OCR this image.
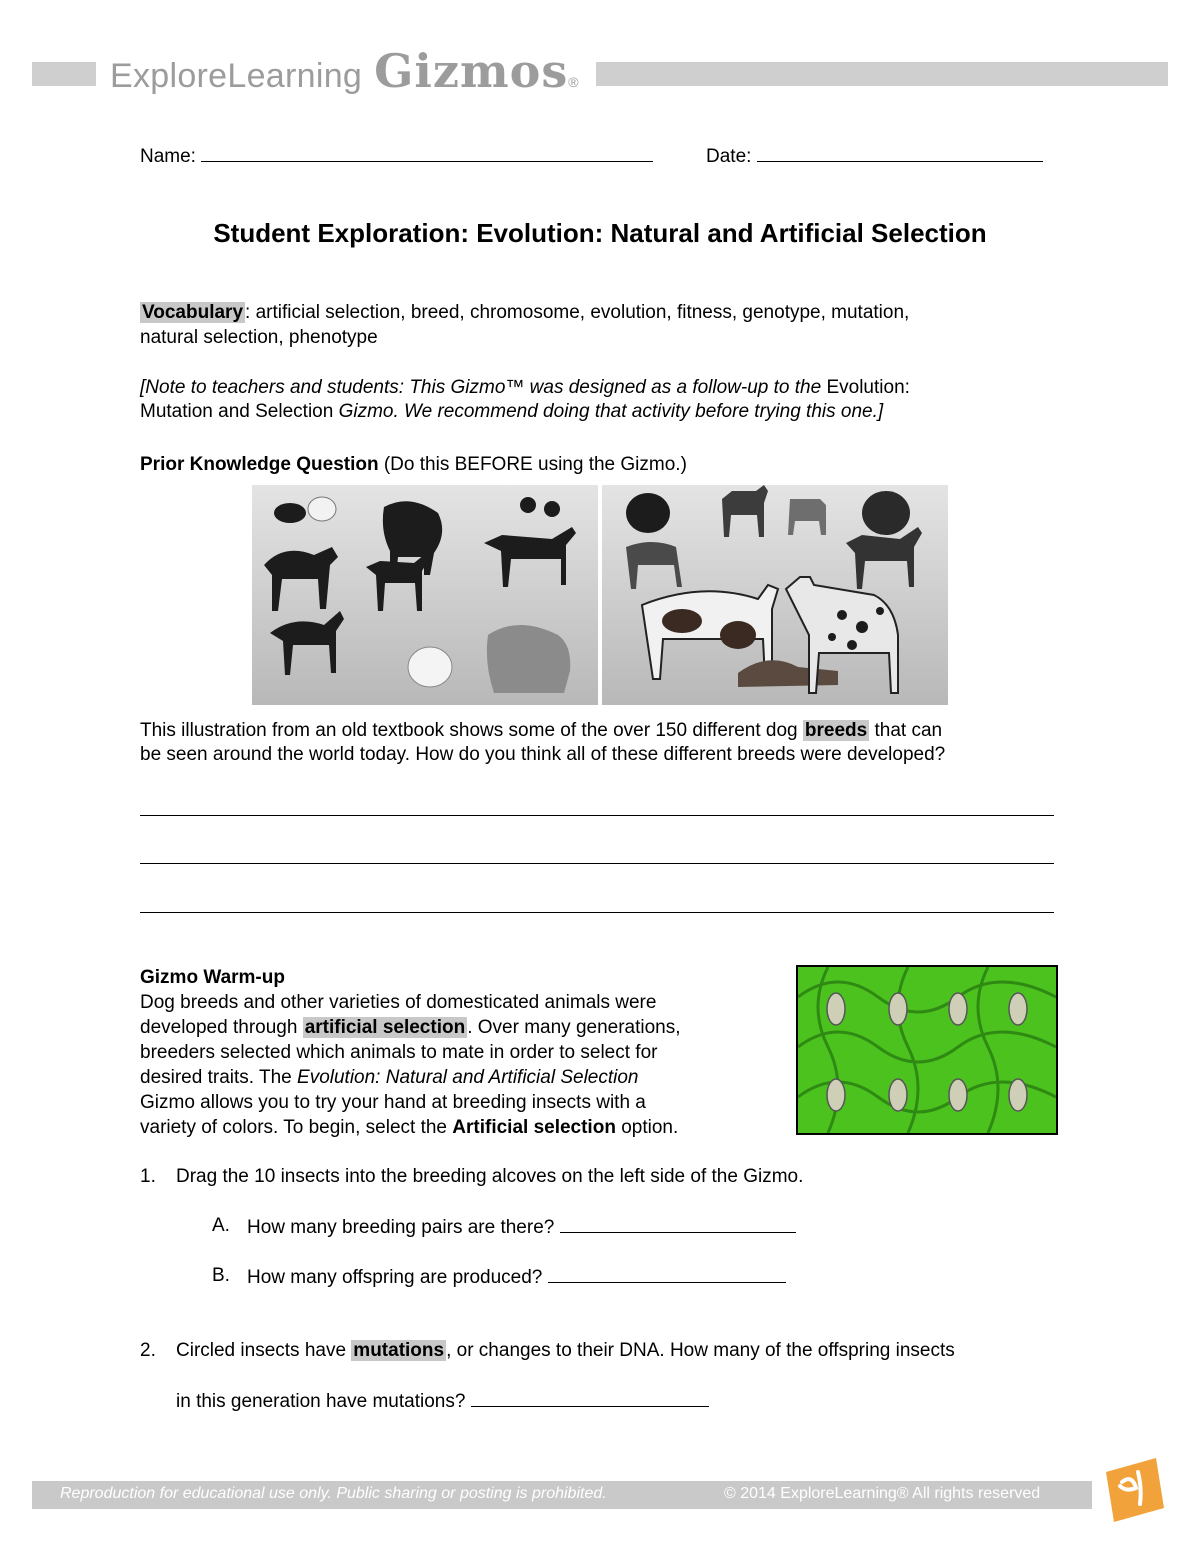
ExploreLearning Gizmos ®
Name:	Date:
Student Exploration: Evolution: Natural and Artificial Selection
Vocabulary : artificial selection, breed, chromosome, evolution, fitness, genotype, mutation,
natural selection, phenotype
[Note to teachers and students: This Gizmo™ was designed as a follow-up to the Evolution:
Mutation and Selection Gizmo. We recommend doing that activity before trying this one.]
Prior Knowledge Question (Do this BEFORE using the Gizmo.)
This illustration from an old textbook shows some of the over 150 different dog breeds that can
be seen around the world today. How do you think all of these different breeds were developed?
Gizmo Warm-up
Dog breeds and other varieties of domesticated animals were
developed through artificial selection . Over many generations,
breeders selected which animals to mate in order to select for
desired traits. The Evolution: Natural and Artificial Selection
Gizmo allows you to try your hand at breeding insects with a
variety of colors. To begin, select the Artificial selection option.
1. Drag the 10 insects into the breeding alcoves on the left side of the Gizmo.
A. How many breeding pairs are there?
B. How many offspring are produced?
2. Circled insects have mutations , or changes to their DNA. How many of the offspring insects
in this generation have mutations?
Reproduction for educational use only. Public sharing or posting is prohibited.	© 2014 ExploreLearning® All rights reserved
